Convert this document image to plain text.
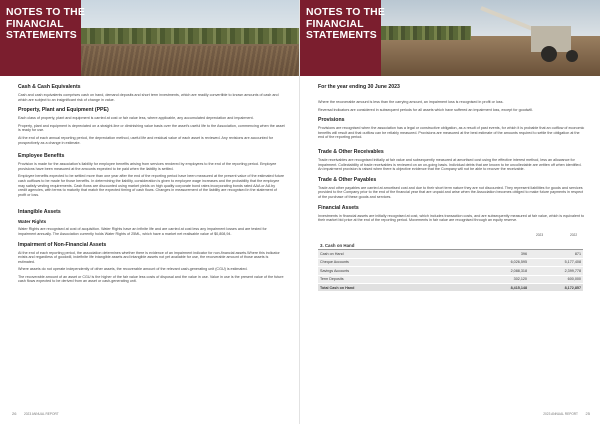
NOTES TO THE
FINANCIAL
STATEMENTS
Cash & Cash Equivalents
Cash and cash equivalents comprises cash on hand, demand deposits and short term investments, which are readily convertible to known amounts of cash and which are subject to an insignificant risk of change in value.
Property, Plant and Equipment (PPE)
Each class of property, plant and equipment is carried at cost or fair value less, where applicable, any accumulated depreciation and impairment.
Property, plant and equipment is depreciated on a straight-line or diminishing value basis over the asset's useful life to the Association, commencing when the asset is ready for use.
At the end of each annual reporting period, the depreciation method, useful life and residual value of each asset is reviewed. Any revisions are accounted for prospectively as a change in estimate.
Employee Benefits
Provision is made for the association's liability for employee benefits arising from services rendered by employees to the end of the reporting period. Employee provisions have been measured at the amounts expected to be paid when the liability is settled.
Employee benefits expected to be settled more than one year after the end of the reporting period have been measured at the present value of the estimated future cash outflows to be made for those benefits. In determining the liability, consideration is given to employee wage increases and the probability that the employee may satisfy vesting requirements. Cash flows are discounted using market yields on high quality corporate bond rates incorporating bonds rated AAA or AA by credit agencies, with terms to maturity that match the expected timing of cash flows. Changes in measurement of the liability are recognised in the statement of profit or loss.
Intangible Assets
Water Rights
Water Rights are recognised at cost of acquisition. Water Rights have an infinite life and are carried at cost less any impairment losses and are tested for impairment annually. The Association currently holds Water Rights of 25ML, which have a market net realisable value of $0,808,94.
Impairment of Non-Financial Assets
At the end of each reporting period, the association determines whether there is evidence of an impairment indicator for non-financial assets.Where this indicator exists and regardless of goodwill, indefinite life intangible assets and intangible assets not yet available for use, the recoverable amount of those assets is estimated.
Where assets do not operate independently of other assets, the recoverable amount of the relevant cash-generating unit (CGU) is estimated.
The recoverable amount of an asset or CGU is the higher of the fair value less costs of disposal and the value in use. Value in use is the present value of the future cash flows expected to be derived from an asset or cash-generating unit.
26 2023 ANNUAL REPORT
NOTES TO THE
FINANCIAL
STATEMENTS
For the year ending 30 June 2023
Where the recoverable amount is less than the carrying amount, an impairment loss is recognised in profit or loss.
Reversal indicators are considered in subsequent periods for all assets which have suffered an impairment loss, except for goodwill.
Provisions
Provisions are recognised when the association has a legal or constructive obligation, as a result of past events, for which it is probable that an outflow of economic benefits will result and that outflow can be reliably measured. Provisions are measured at the best estimate of the amounts required to settle the obligation at the end of the reporting period.
Trade & Other Receivables
Trade receivables are recognised initially at fair value and subsequently measured at amortised cost using the effective interest method, less an allowance for impairment. Collectability of trade receivables is reviewed on an on-going basis. Individual debts that are known to be uncollectable are written off when identified. An impairment provision is raised when there is objective evidence that the Company will not be able to recover the receivable.
Trade & Other Payables
Trade and other payables are carried at amortised cost and due to their short term nature they are not discounted. They represent liabilities for goods and services provided to the Company prior to the end of the financial year that are unpaid and arise when the Association becomes obliged to make future payments in respect of the purchase of these goods and services.
Financial Assets
Investments in financial assets are initially recognised at cost, which includes transaction costs, and are subsequently measured at fair value, which is equivalent to their market bid price at the end of the reporting period. Movements in fair value are recognised through an equity reserve.
2023	2022
3. Cash on Hand		
Cash on Hand	396	871
Cheque Accounts	6,026,595	5,177,408
Savings Accounts	2,088,318	2,399,778
Term Deposits	302,120	600,000
Total Cash on Hand	8,415,148	8,172,857
2023 ANNUAL REPORT 25
